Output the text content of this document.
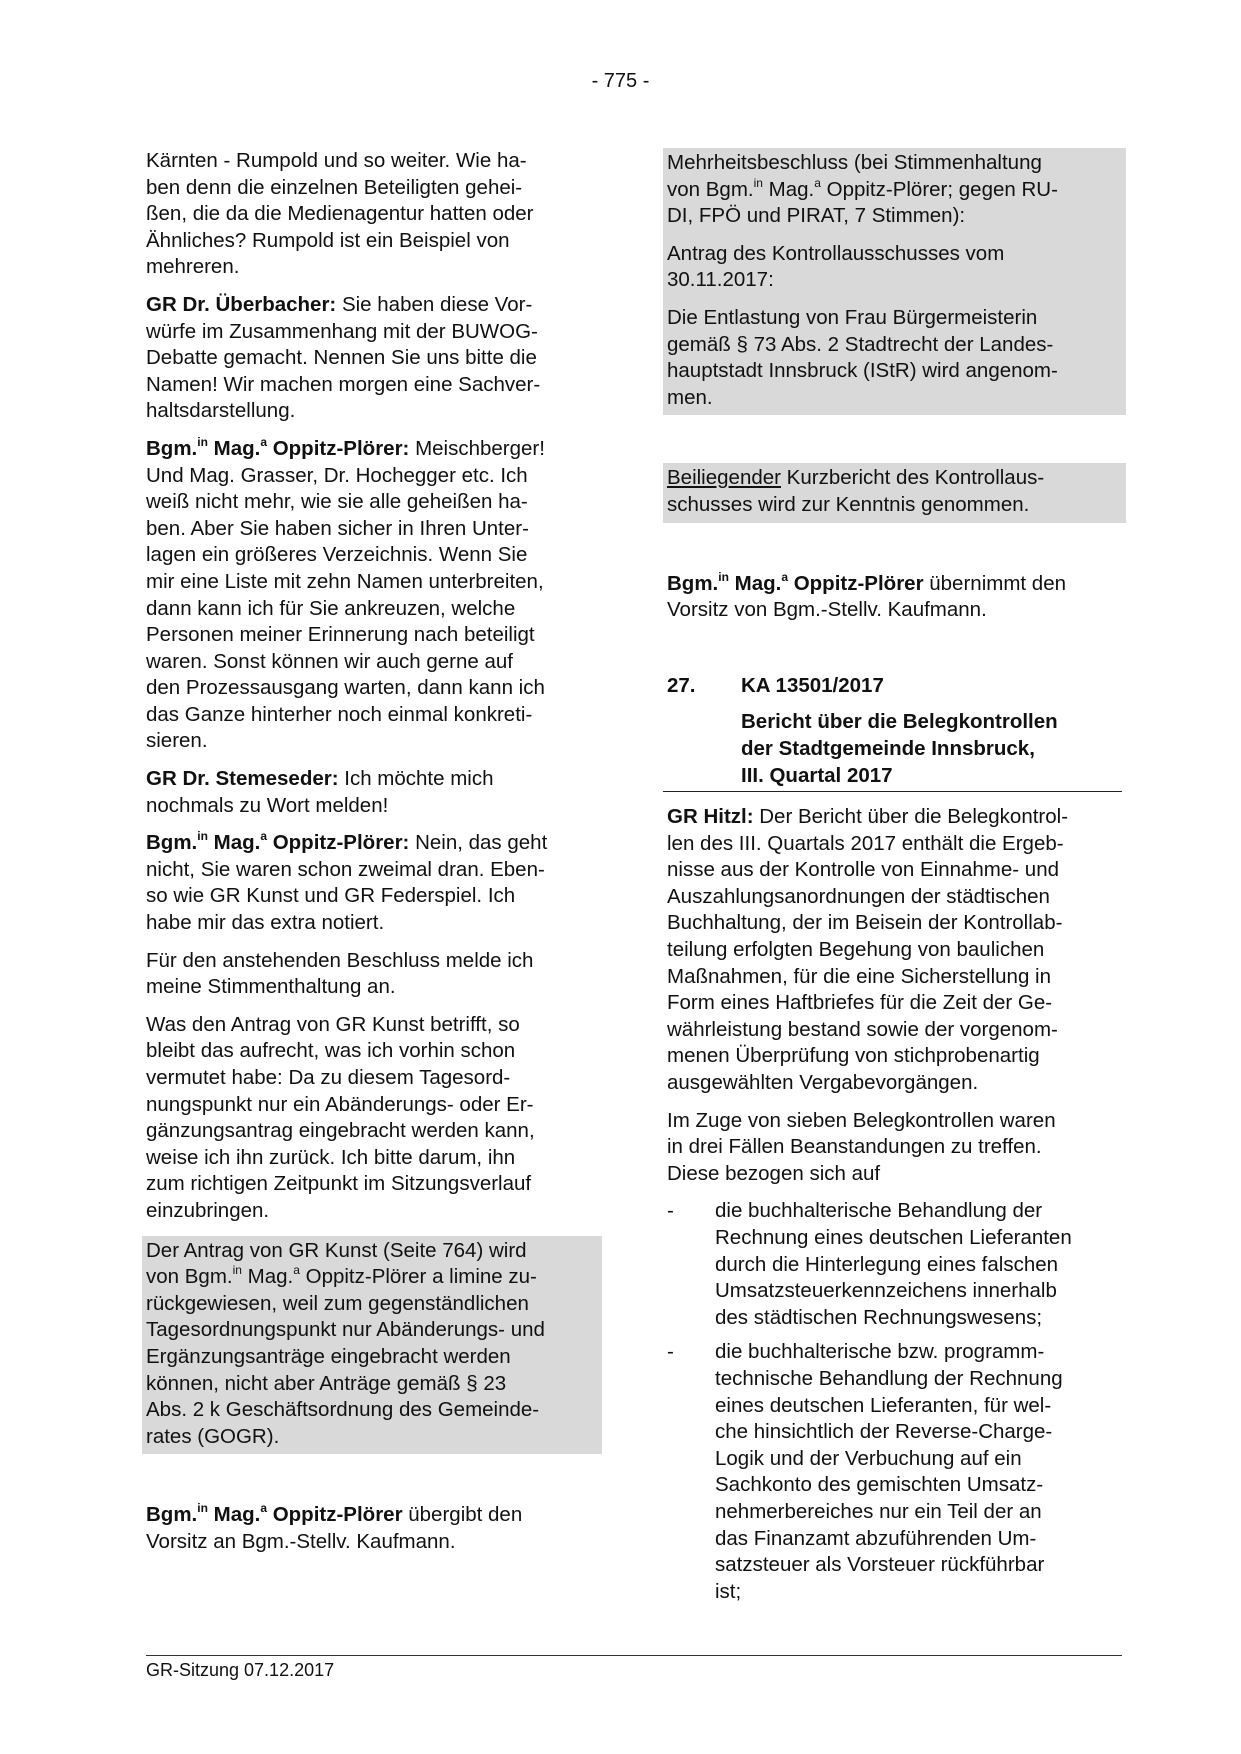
- 775 -

Kärnten - Rumpold und so weiter. Wie ha-
ben denn die einzelnen Beteiligten gehei-
ßen, die da die Medienagentur hatten oder
Ähnliches? Rumpold ist ein Beispiel von
mehreren.

GR Dr. Überbacher: Sie haben diese Vor-
würfe im Zusammenhang mit der BUWOG-
Debatte gemacht. Nennen Sie uns bitte die
Namen! Wir machen morgen eine Sachver-
haltsdarstellung.

Bgm.$^{in}$ Mag.$^a$ Oppitz-Plörer: Meischberger!
Und Mag. Grasser, Dr. Hochegger etc. Ich
weiß nicht mehr, wie sie alle geheißen ha-
ben. Aber Sie haben sicher in Ihren Unter-
lagen ein größeres Verzeichnis. Wenn Sie
mir eine Liste mit zehn Namen unterbreiten,
dann kann ich für Sie ankreuzen, welche
Personen meiner Erinnerung nach beteiligt
waren. Sonst können wir auch gerne auf
den Prozessausgang warten, dann kann ich
das Ganze hinterher noch einmal konkreti-
sieren.

GR Dr. Stemeseder: Ich möchte mich
nochmals zu Wort melden!

Bgm.$^{in}$ Mag.$^a$ Oppitz-Plörer: Nein, das geht
nicht, Sie waren schon zweimal dran. Eben-
so wie GR Kunst und GR Federspiel. Ich
habe mir das extra notiert.

Für den anstehenden Beschluss melde ich
meine Stimmenthaltung an.

Was den Antrag von GR Kunst betrifft, so
bleibt das aufrecht, was ich vorhin schon
vermutet habe: Da zu diesem Tagesord-
nungspunkt nur ein Abänderungs- oder Er-
gänzungsantrag eingebracht werden kann,
weise ich ihn zurück. Ich bitte darum, ihn
zum richtigen Zeitpunkt im Sitzungsverlauf
einzubringen.

Der Antrag von GR Kunst (Seite 764) wird
von Bgm.$^{in}$ Mag.$^a$ Oppitz-Plörer a limine zu-
rückgewiesen, weil zum gegenständlichen
Tagesordnungspunkt nur Abänderungs- und
Ergänzungsanträge eingebracht werden
können, nicht aber Anträge gemäß § 23
Abs. 2 k Geschäftsordnung des Gemeinde-
rates (GOGR).

Bgm.$^{in}$ Mag.$^a$ Oppitz-Plörer übergibt den
Vorsitz an Bgm.-Stellv. Kaufmann.

Mehrheitsbeschluss (bei Stimmenhaltung
von Bgm.$^{in}$ Mag.$^a$ Oppitz-Plörer; gegen RU-
DI, FPÖ und PIRAT, 7 Stimmen):

Antrag des Kontrollausschusses vom
30.11.2017:

Die Entlastung von Frau Bürgermeisterin
gemäß § 73 Abs. 2 Stadtrecht der Landes-
hauptstadt Innsbruck (IStR) wird angenom-
men.

Beiliegender Kurzbericht des Kontrollaus-
schusses wird zur Kenntnis genommen.

Bgm.$^{in}$ Mag.$^a$ Oppitz-Plörer übernimmt den
Vorsitz von Bgm.-Stellv. Kaufmann.

27.	KA 13501/2017
Bericht über die Belegkontrollen
der Stadtgemeinde Innsbruck,
III. Quartal 2017

GR Hitzl: Der Bericht über die Belegkontrol-
len des III. Quartals 2017 enthält die Ergeb-
nisse aus der Kontrolle von Einnahme- und
Auszahlungsanordnungen der städtischen
Buchhaltung, der im Beisein der Kontrollab-
teilung erfolgten Begehung von baulichen
Maßnahmen, für die eine Sicherstellung in
Form eines Haftbriefes für die Zeit der Ge-
währleistung bestand sowie der vorgenom-
menen Überprüfung von stichprobenartig
ausgewählten Vergabevorgängen.

Im Zuge von sieben Belegkontrollen waren
in drei Fällen Beanstandungen zu treffen.
Diese bezogen sich auf

-	die buchhalterische Behandlung der
Rechnung eines deutschen Lieferanten
durch die Hinterlegung eines falschen
Umsatzsteuerkennzeichens innerhalb
des städtischen Rechnungswesens;
-	die buchhalterische bzw. programm-
technische Behandlung der Rechnung
eines deutschen Lieferanten, für wel-
che hinsichtlich der Reverse-Charge-
Logik und der Verbuchung auf ein
Sachkonto des gemischten Umsatz-
nehmerbereiches nur ein Teil der an
das Finanzamt abzuführenden Um-
satzsteuer als Vorsteuer rückführbar
ist;
GR-Sitzung 07.12.2017
